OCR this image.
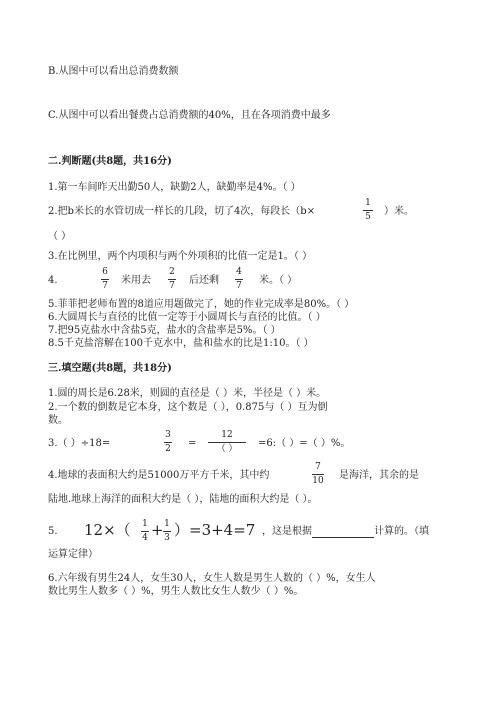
B.从图中可以看出总消费数额
C.从图中可以看出餐费占总消费额的40%，且在各项消费中最多
二.判断题(共8题，共16分)
1.第一车间昨天出勤50人，缺勤2人，缺勤率是4%。（ ）
2.把b米长的水管切成一样长的几段，切了4次，每段长（b×
1
5 ）米。
（ ）
3.在比例里，两个内项积与两个外项积的比值一定是1。（ ）
4.
6
7 米用去
2
7 后还剩
4
7 米。（ ）
5.菲菲把老师布置的8道应用题做完了，她的作业完成率是80%。（ ）
6.大圆周长与直径的比值一定等于小圆周长与直径的比值。（ ）
7.把95克盐水中含盐5克，盐水的含盐率是5%。（ ）
8.5千克盐溶解在100千克水中，盐和盐水的比是1:10。（ ）
三.填空题(共8题，共18分)
1.圆的周长是6.28米，则圆的直径是（ ）米，半径是（ ）米。
2.一个数的倒数是它本身，这个数是（ ），0.875与（ ）互为倒
数。
3.（ ）÷18=
3
2 =
12
（ ）	=6:（ ）=（ ）%。
4.地球的表面积大约是51000万平方千米，其中约
7
10 是海洋，其余的是
陆地.地球上海洋的面积大约是（ ），陆地的面积大约是（ ）。
5. 12×（ 1
4 + 1
3 ）=3+4=7 ，这是根据	计算的。（填
运算定律）
6.六年级有男生24人，女生30人，女生人数是男生人数的（ ）%，女生人
数比男生人数多（ ）%，男生人数比女生人数少（ ）%。
